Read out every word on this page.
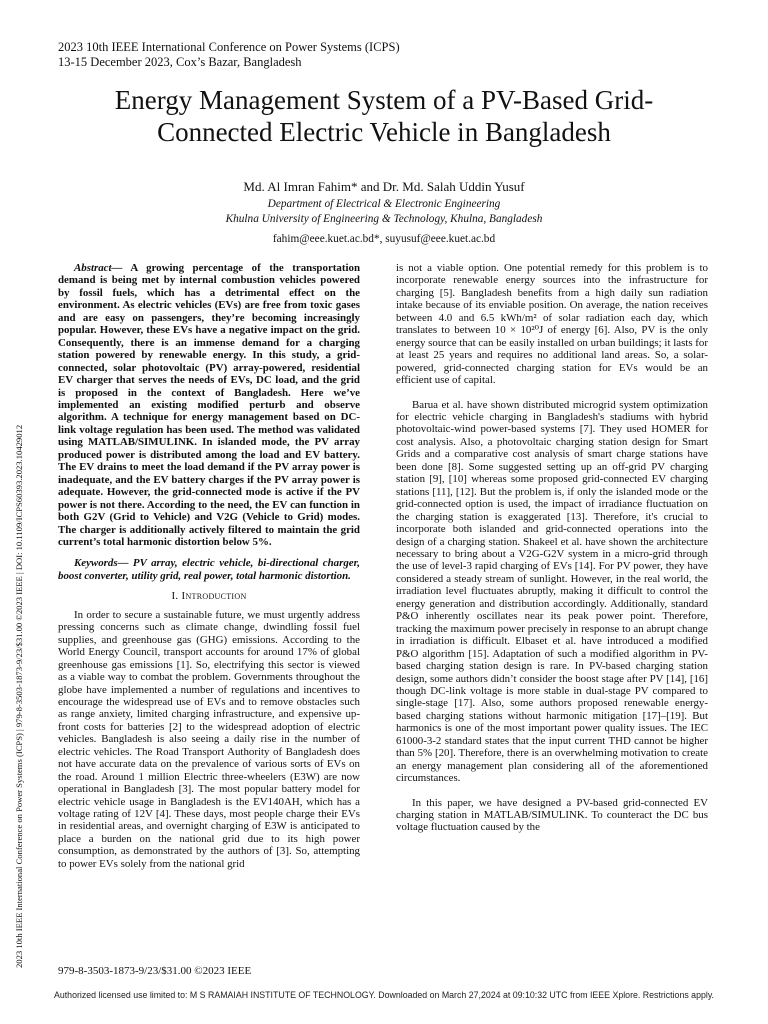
2023 10th IEEE International Conference on Power Systems (ICPS)
13-15 December 2023, Cox’s Bazar, Bangladesh
Energy Management System of a PV-Based Grid-
Connected Electric Vehicle in Bangladesh
Md. Al Imran Fahim* and Dr. Md. Salah Uddin Yusuf
Department of Electrical & Electronic Engineering
Khulna University of Engineering & Technology, Khulna, Bangladesh
fahim@eee.kuet.ac.bd*, suyusuf@eee.kuet.ac.bd
2023 10th IEEE International Conference on Power Systems (ICPS) | 979-8-3503-1873-9/23/$31.00 ©2023 IEEE | DOI: 10.1109/ICPS60393.2023.10429012

Abstract— A growing percentage of the transportation demand is being met by internal combustion vehicles powered by fossil fuels, which has a detrimental effect on the environment. As electric vehicles (EVs) are free from toxic gases and are easy on passengers, they’re becoming increasingly popular. However, these EVs have a negative impact on the grid. Consequently, there is an immense demand for a charging station powered by renewable energy. In this study, a grid-connected, solar photovoltaic (PV) array-powered, residential EV charger that serves the needs of EVs, DC load, and the grid is proposed in the context of Bangladesh. Here we’ve implemented an existing modified perturb and observe algorithm. A technique for energy management based on DC-link voltage regulation has been used. The method was validated using MATLAB/SIMULINK. In islanded mode, the PV array produced power is distributed among the load and EV battery. The EV drains to meet the load demand if the PV array power is inadequate, and the EV battery charges if the PV array power is adequate. However, the grid-connected mode is active if the PV power is not there. According to the need, the EV can function in both G2V (Grid to Vehicle) and V2G (Vehicle to Grid) modes. The charger is additionally actively filtered to maintain the grid current’s total harmonic distortion below 5%.

Keywords— PV array, electric vehicle, bi-directional charger, boost converter, utility grid, real power, total harmonic distortion.

I. Introduction

In order to secure a sustainable future, we must urgently address pressing concerns such as climate change, dwindling fossil fuel supplies, and greenhouse gas (GHG) emissions. According to the World Energy Council, transport accounts for around 17% of global greenhouse gas emissions [1]. So, electrifying this sector is viewed as a viable way to combat the problem. Governments throughout the globe have implemented a number of regulations and incentives to encourage the widespread use of EVs and to remove obstacles such as range anxiety, limited charging infrastructure, and expensive up-front costs for batteries [2] to the widespread adoption of electric vehicles. Bangladesh is also seeing a daily rise in the number of electric vehicles. The Road Transport Authority of Bangladesh does not have accurate data on the prevalence of various sorts of EVs on the road. Around 1 million Electric three-wheelers (E3W) are now operational in Bangladesh [3]. The most popular battery model for electric vehicle usage in Bangladesh is the EV140AH, which has a voltage rating of 12V [4]. These days, most people charge their EVs in residential areas, and overnight charging of E3W is anticipated to place a burden on the national grid due to its high power consumption, as demonstrated by the authors of [3]. So, attempting to power EVs solely from the national grid

is not a viable option. One potential remedy for this problem is to incorporate renewable energy sources into the infrastructure for charging [5]. Bangladesh benefits from a high daily sun radiation intake because of its enviable position. On average, the nation receives between 4.0 and 6.5 kWh/m² of solar radiation each day, which translates to between 10 × 10²⁰J of energy [6]. Also, PV is the only energy source that can be easily installed on urban buildings; it lasts for at least 25 years and requires no additional land areas. So, a solar-powered, grid-connected charging station for EVs would be an efficient use of capital.

Barua et al. have shown distributed microgrid system optimization for electric vehicle charging in Bangladesh's stadiums with hybrid photovoltaic-wind power-based systems [7]. They used HOMER for cost analysis. Also, a photovoltaic charging station design for Smart Grids and a comparative cost analysis of smart charge stations have been done [8]. Some suggested setting up an off-grid PV charging station [9], [10] whereas some proposed grid-connected EV charging stations [11], [12]. But the problem is, if only the islanded mode or the grid-connected option is used, the impact of irradiance fluctuation on the charging station is exaggerated [13]. Therefore, it's crucial to incorporate both islanded and grid-connected operations into the design of a charging station. Shakeel et al. have shown the architecture necessary to bring about a V2G-G2V system in a micro-grid through the use of level-3 rapid charging of EVs [14]. For PV power, they have considered a steady stream of sunlight. However, in the real world, the irradiation level fluctuates abruptly, making it difficult to control the energy generation and distribution accordingly. Additionally, standard P&O inherently oscillates near its peak power point. Therefore, tracking the maximum power precisely in response to an abrupt change in irradiation is difficult. Elbaset et al. have introduced a modified P&O algorithm [15]. Adaptation of such a modified algorithm in PV-based charging station design is rare. In PV-based charging station design, some authors didn’t consider the boost stage after PV [14], [16] though DC-link voltage is more stable in dual-stage PV compared to single-stage [17]. Also, some authors proposed renewable energy-based charging stations without harmonic mitigation [17]–[19]. But harmonics is one of the most important power quality issues. The IEC 61000-3-2 standard states that the input current THD cannot be higher than 5% [20]. Therefore, there is an overwhelming motivation to create an energy management plan considering all of the aforementioned circumstances.

In this paper, we have designed a PV-based grid-connected EV charging station in MATLAB/SIMULINK. To counteract the DC bus voltage fluctuation caused by the

979-8-3503-1873-9/23/$31.00 ©2023 IEEE
Authorized licensed use limited to: M S RAMAIAH INSTITUTE OF TECHNOLOGY. Downloaded on March 27,2024 at 09:10:32 UTC from IEEE Xplore. Restrictions apply.
